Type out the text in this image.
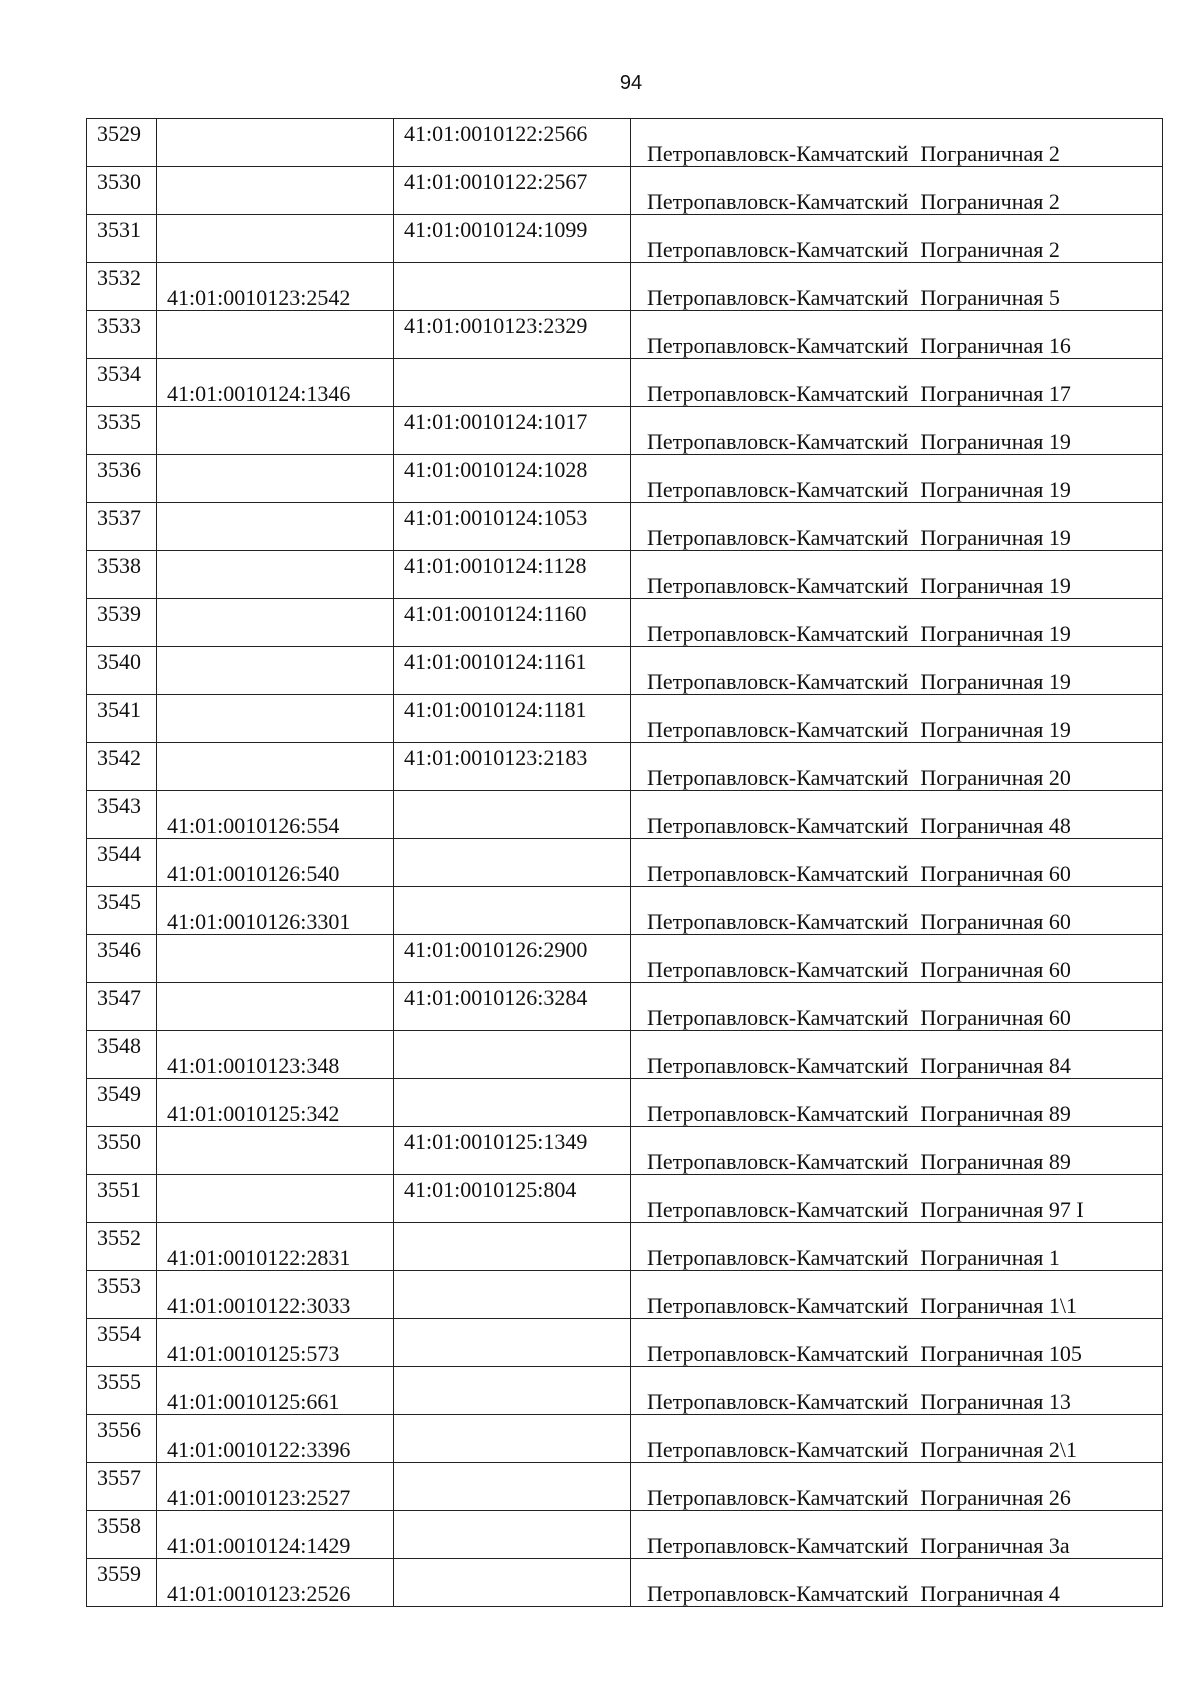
94
3529		41:01:0010122:2566	Петропавловск-Камчатский Пограничная 2
3530		41:01:0010122:2567	Петропавловск-Камчатский Пограничная 2
3531		41:01:0010124:1099	Петропавловск-Камчатский Пограничная 2
3532	41:01:0010123:2542		Петропавловск-Камчатский Пограничная 5
3533		41:01:0010123:2329	Петропавловск-Камчатский Пограничная 16
3534	41:01:0010124:1346		Петропавловск-Камчатский Пограничная 17
3535		41:01:0010124:1017	Петропавловск-Камчатский Пограничная 19
3536		41:01:0010124:1028	Петропавловск-Камчатский Пограничная 19
3537		41:01:0010124:1053	Петропавловск-Камчатский Пограничная 19
3538		41:01:0010124:1128	Петропавловск-Камчатский Пограничная 19
3539		41:01:0010124:1160	Петропавловск-Камчатский Пограничная 19
3540		41:01:0010124:1161	Петропавловск-Камчатский Пограничная 19
3541		41:01:0010124:1181	Петропавловск-Камчатский Пограничная 19
3542		41:01:0010123:2183	Петропавловск-Камчатский Пограничная 20
3543	41:01:0010126:554		Петропавловск-Камчатский Пограничная 48
3544	41:01:0010126:540		Петропавловск-Камчатский Пограничная 60
3545	41:01:0010126:3301		Петропавловск-Камчатский Пограничная 60
3546		41:01:0010126:2900	Петропавловск-Камчатский Пограничная 60
3547		41:01:0010126:3284	Петропавловск-Камчатский Пограничная 60
3548	41:01:0010123:348		Петропавловск-Камчатский Пограничная 84
3549	41:01:0010125:342		Петропавловск-Камчатский Пограничная 89
3550		41:01:0010125:1349	Петропавловск-Камчатский Пограничная 89
3551		41:01:0010125:804	Петропавловск-Камчатский Пограничная 97 I
3552	41:01:0010122:2831		Петропавловск-Камчатский Пограничная 1
3553	41:01:0010122:3033		Петропавловск-Камчатский Пограничная 1\1
3554	41:01:0010125:573		Петропавловск-Камчатский Пограничная 105
3555	41:01:0010125:661		Петропавловск-Камчатский Пограничная 13
3556	41:01:0010122:3396		Петропавловск-Камчатский Пограничная 2\1
3557	41:01:0010123:2527		Петропавловск-Камчатский Пограничная 26
3558	41:01:0010124:1429		Петропавловск-Камчатский Пограничная 3а
3559	41:01:0010123:2526		Петропавловск-Камчатский Пограничная 4
